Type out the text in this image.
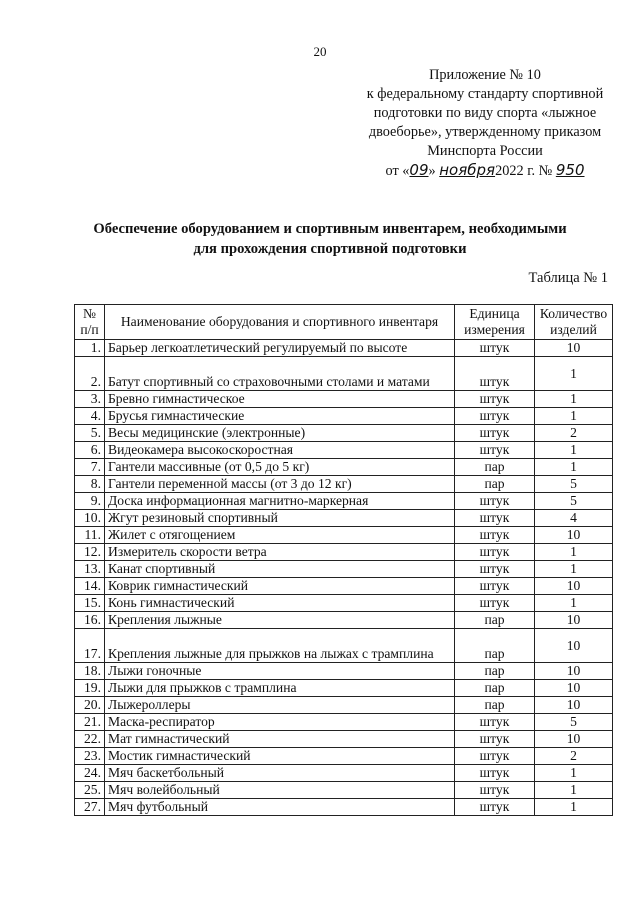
20
Приложение № 10
к федеральному стандарту спортивной
подготовки по виду спорта «лыжное
двоеборье», утвержденному приказом
Минспорта России
от «09» ноября2022 г. № 950
Обеспечение оборудованием и спортивным инвентарем, необходимыми
для прохождения спортивной подготовки
Таблица № 1
№ п/п	Наименование оборудования и спортивного инвентаря	Единица измерения	Количество изделий
1.	Барьер легкоатлетический регулируемый по высоте	штук	10
2.	Батут спортивный со страховочными столами и матами	штук	1
3.	Бревно гимнастическое	штук	1
4.	Брусья гимнастические	штук	1
5.	Весы медицинские (электронные)	штук	2
6.	Видеокамера высокоскоростная	штук	1
7.	Гантели массивные (от 0,5 до 5 кг)	пар	1
8.	Гантели переменной массы (от 3 до 12 кг)	пар	5
9.	Доска информационная магнитно-маркерная	штук	5
10.	Жгут резиновый спортивный	штук	4
11.	Жилет с отягощением	штук	10
12.	Измеритель скорости ветра	штук	1
13.	Канат спортивный	штук	1
14.	Коврик гимнастический	штук	10
15.	Конь гимнастический	штук	1
16.	Крепления лыжные	пар	10
17.	Крепления лыжные для прыжков на лыжах с трамплина	пар	10
18.	Лыжи гоночные	пар	10
19.	Лыжи для прыжков с трамплина	пар	10
20.	Лыжероллеры	пар	10
21.	Маска-респиратор	штук	5
22.	Мат гимнастический	штук	10
23.	Мостик гимнастический	штук	2
24.	Мяч баскетбольный	штук	1
25.	Мяч волейбольный	штук	1
27.	Мяч футбольный	штук	1
